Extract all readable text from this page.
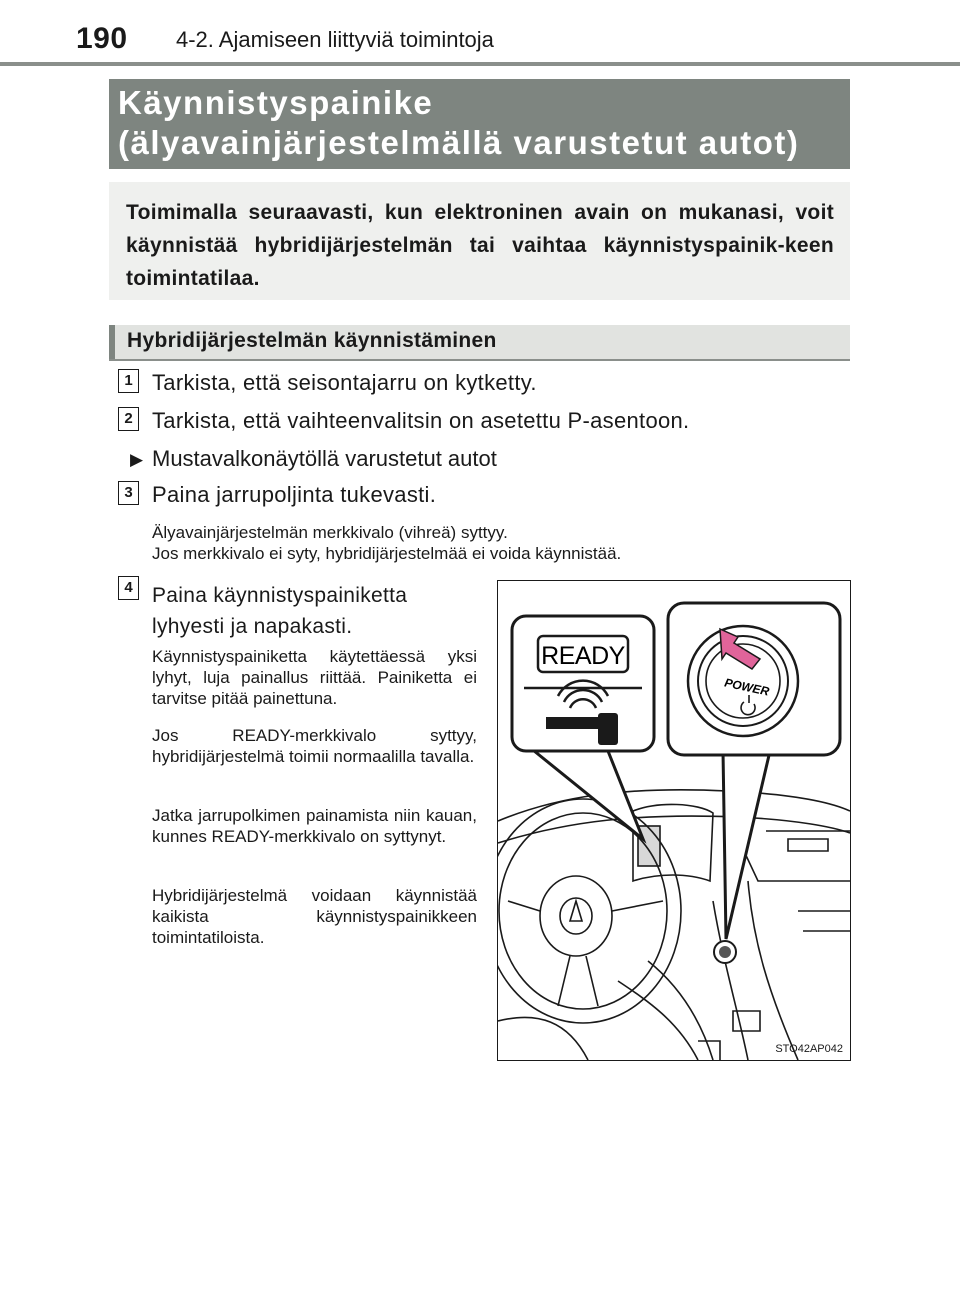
190 4-2. Ajamiseen liittyviä toimintoja
Käynnistyspainike
(älyavainjärjestelmällä varustetut autot)
Toimimalla seuraavasti, kun elektroninen avain on mukanasi, voit käynnistää hybridijärjestelmän tai vaihtaa käynnistyspainik-keen toimintatilaa.
Hybridijärjestelmän käynnistäminen
1 Tarkista, että seisontajarru on kytketty.
2 Tarkista, että vaihteenvalitsin on asetettu P-asentoon.
▶ Mustavalkonäytöllä varustetut autot
3 Paina jarrupoljinta tukevasti.
Älyavainjärjestelmän merkkivalo (vihreä) syttyy.
Jos merkkivalo ei syty, hybridijärjestelmää ei voida käynnistää.
4 Paina käynnistyspainiketta lyhyesti ja napakasti.
Käynnistyspainiketta käytettäessä yksi lyhyt, luja painallus riittää. Painiketta ei tarvitse pitää painettuna.
Jos READY-merkkivalo syttyy, hybridijärjestelmä toimii normaalilla tavalla.
Jatka jarrupolkimen painamista niin kauan, kunnes READY-merkkivalo on syttynyt.
Hybridijärjestelmä voidaan käynnistää kaikista käynnistyspainikkeen toimintatiloista.
READY
POWER
STO42AP042
